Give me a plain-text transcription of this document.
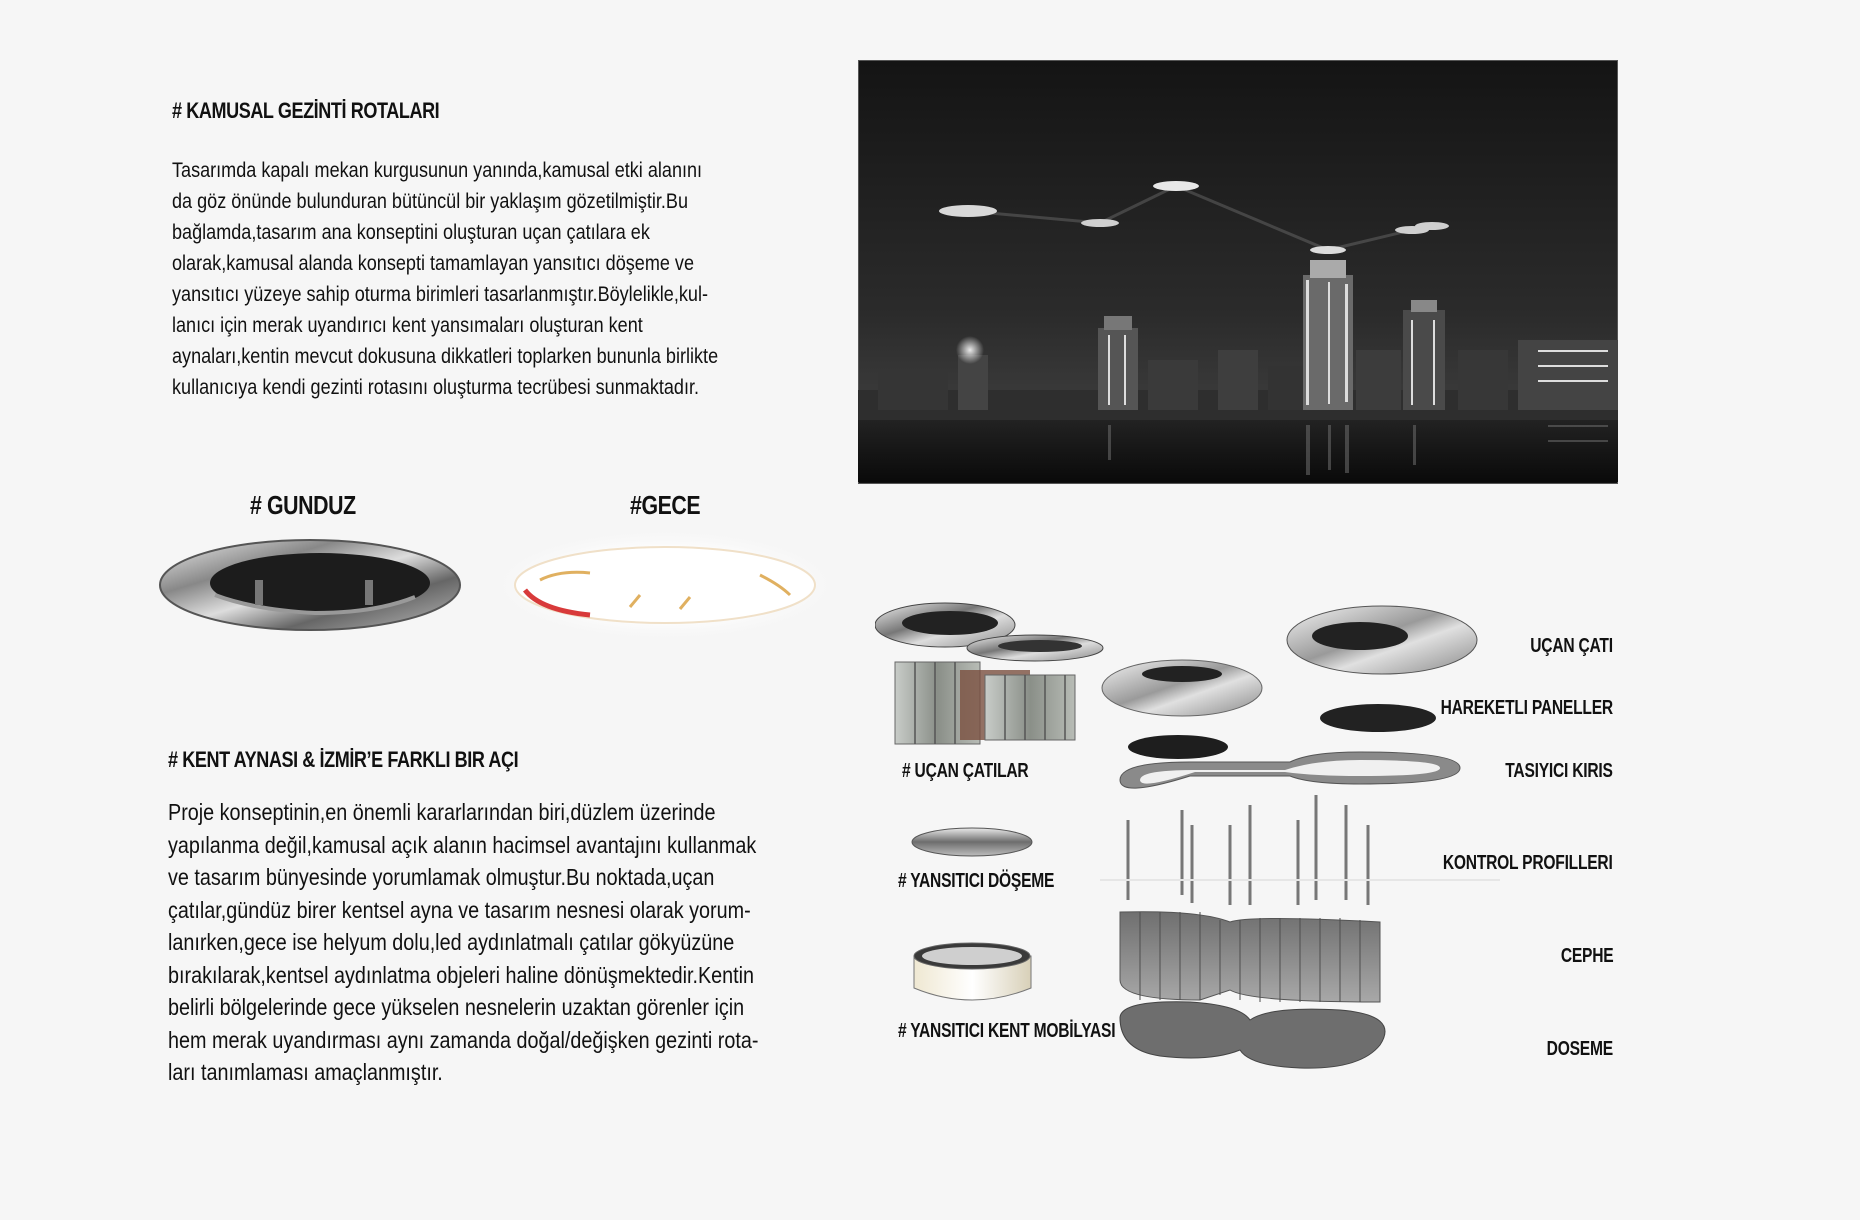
# KAMUSAL GEZİNTİ ROTALARI
Tasarımda kapalı mekan kurgusunun yanında,kamusal etki alanını
da göz önünde bulunduran bütüncül bir yaklaşım gözetilmiştir.Bu
bağlamda,tasarım ana konseptini oluşturan uçan çatılara ek
olarak,kamusal alanda konsepti tamamlayan yansıtıcı döşeme ve
yansıtıcı yüzeye sahip oturma birimleri tasarlanmıştır.Böylelikle,kul-
lanıcı için merak uyandırıcı kent yansımaları oluşturan kent
aynaları,kentin mevcut dokusuna dikkatleri toplarken bununla birlikte
kullanıcıya kendi gezinti rotasını oluşturma tecrübesi sunmaktadır.
# GUNDUZ	#GECE
# KENT AYNASI & İZMİR’E FARKLI BIR AÇI
Proje konseptinin,en önemli kararlarından biri,düzlem üzerinde
yapılanma değil,kamusal açık alanın hacimsel avantajını kullanmak
ve tasarım bünyesinde yorumlamak olmuştur.Bu noktada,uçan
çatılar,gündüz birer kentsel ayna ve tasarım nesnesi olarak yorum-
lanırken,gece ise helyum dolu,led aydınlatmalı çatılar gökyüzüne
bırakılarak,kentsel aydınlatma objeleri haline dönüşmektedir.Kentin
belirli bölgelerinde gece yükselen nesnelerin uzaktan görenler için
hem merak uyandırması aynı zamanda doğal/değişken gezinti rota-
ları tanımlaması amaçlanmıştır.
# UÇAN ÇATILAR
# YANSITICI DÖŞEME
# YANSITICI KENT MOBİLYASI
UÇAN ÇATI
HAREKETLI PANELLER
TASIYICI KIRIS
KONTROL PROFILLERI
CEPHE
DOSEME
